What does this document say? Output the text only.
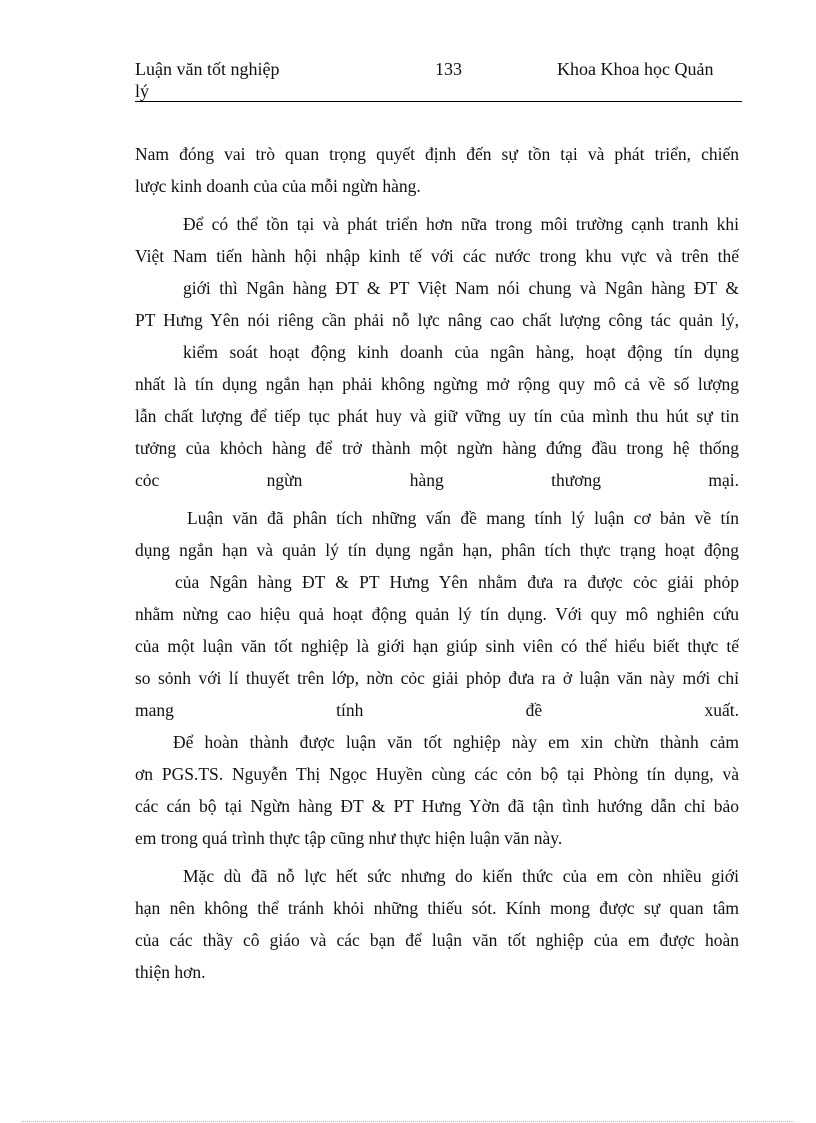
Luận văn tốt nghiệp	133	Khoa Khoa học Quản
lý
Nam đóng vai trò quan trọng quyết định đến sự tồn tại và phát triển, chiến
lược kinh doanh của của mỗi ngừn hàng.
Để có thể tồn tại và phát triển hơn nữa trong môi trường cạnh tranh khi
Việt Nam tiến hành hội nhập kinh tế với các nước trong khu vực và trên thế
giới thì Ngân hàng ĐT & PT Việt Nam nói chung và Ngân hàng ĐT &
PT Hưng Yên nói riêng cần phải nỗ lực nâng cao chất lượng công tác quản lý,
kiểm soát hoạt động kinh doanh của ngân hàng, hoạt động tín dụng
nhất là tín dụng ngắn hạn phải không ngừng mở rộng quy mô cả về số lượng
lẫn chất lượng để tiếp tục phát huy và giữ vững uy tín của mình thu hút sự tin
tưởng của khỏch hàng để trở thành một ngừn hàng đứng đầu trong hệ thống
cỏc ngừn hàng thương mại.
Luận văn đã phân tích những vấn đề mang tính lý luận cơ bản về tín
dụng ngắn hạn và quản lý tín dụng ngắn hạn, phân tích thực trạng hoạt động
của Ngân hàng ĐT & PT Hưng Yên nhằm đưa ra được cỏc giải phỏp
nhằm nừng cao hiệu quả hoạt động quản lý tín dụng. Với quy mô nghiên cứu
của một luận văn tốt nghiệp là giới hạn giúp sinh viên có thể hiểu biết thực tế
so sỏnh với lí thuyết trên lớp, nờn cỏc giải phỏp đưa ra ở luận văn này mới chỉ
mang tính đề xuất.
Để hoàn thành được luận văn tốt nghiệp này em xin chừn thành cảm
ơn PGS.TS. Nguyễn Thị Ngọc Huyền cùng các cỏn bộ tại Phòng tín dụng, và
các cán bộ tại Ngừn hàng ĐT & PT Hưng Yờn đã tận tình hướng dẫn chỉ bảo
em trong quá trình thực tập cũng như thực hiện luận văn này.
Mặc dù đã nỗ lực hết sức nhưng do kiến thức của em còn nhiều giới
hạn nên không thể tránh khỏi những thiếu sót. Kính mong được sự quan tâm
của các thầy cô giáo và các bạn để luận văn tốt nghiệp của em được hoàn
thiện hơn.
